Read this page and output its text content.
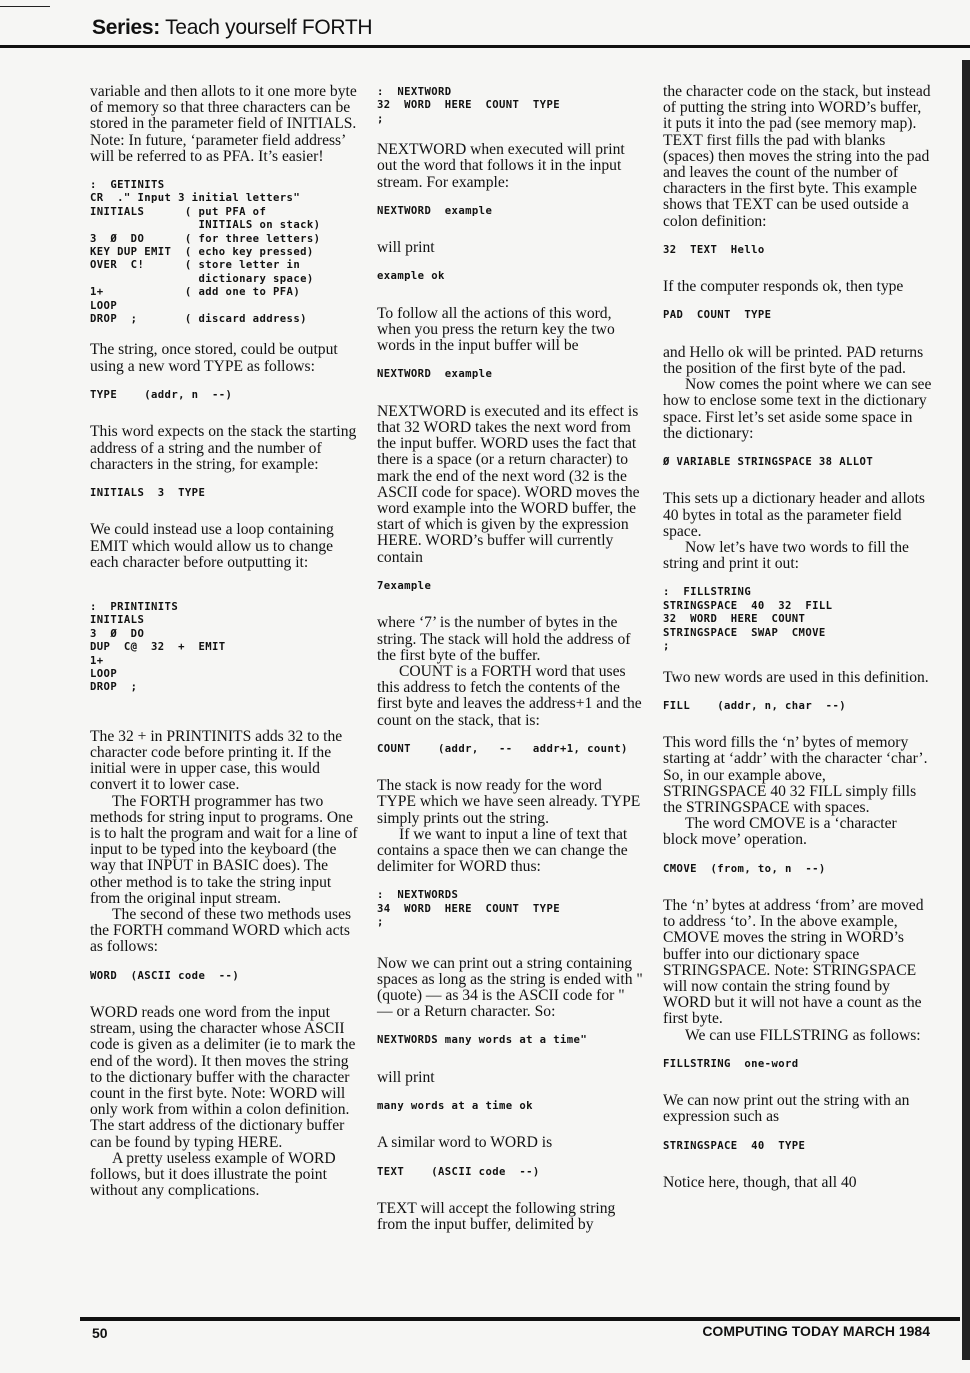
Series: Teach yourself FORTH

variable and then allots to it one more byte of memory so that three characters can be stored in the parameter field of INITIALS. Note: In future, ‘parameter field address’ will be referred to as PFA. It’s easier!

:  GETINITS
CR  ." Input 3 initial letters"
INITIALS      ( put PFA of
INITIALS on stack)
3  Ø  DO      ( for three letters)
KEY DUP EMIT  ( echo key pressed)
OVER  C!      ( store letter in
dictionary space)
1+            ( add one to PFA)
LOOP
DROP  ;       ( discard address)

The string, once stored, could be output using a new word TYPE as follows:

TYPE    (addr, n  --)

This word expects on the stack the starting address of a string and the number of characters in the string, for example:

INITIALS  3  TYPE

We could instead use a loop containing EMIT which would allow us to change each character before outputting it:

:  PRINTINITS
INITIALS
3  Ø  DO
DUP  C@  32  +  EMIT
1+
LOOP
DROP  ;

The 32 + in PRINTINITS adds 32 to the character code before printing it. If the initial were in upper case, this would convert it to lower case.

The FORTH programmer has two methods for string input to programs. One is to halt the program and wait for a line of input to be typed into the keyboard (the way that INPUT in BASIC does). The other method is to take the string input from the original input stream.

The second of these two methods uses the FORTH command WORD which acts as follows:

WORD  (ASCII code  --)

WORD reads one word from the input stream, using the character whose ASCII code is given as a delimiter (ie to mark the end of the word). It then moves the string to the dictionary buffer with the character count in the first byte. Note: WORD will only work from within a colon definition. The start address of the dictionary buffer can be found by typing HERE.

A pretty useless example of WORD follows, but it does illustrate the point without any complications.

:  NEXTWORD
32  WORD  HERE  COUNT  TYPE
;

NEXTWORD when executed will print out the word that follows it in the input stream. For example:

NEXTWORD  example

will print

example ok

To follow all the actions of this word, when you press the return key the two words in the input buffer will be

NEXTWORD  example

NEXTWORD is executed and its effect is that 32 WORD takes the next word from the input buffer. WORD uses the fact that there is a space (or a return character) to mark the end of the next word (32 is the ASCII code for space). WORD moves the word example into the WORD buffer, the start of which is given by the expression HERE. WORD’s buffer will currently contain

7example

where ‘7’ is the number of bytes in the string. The stack will hold the address of the first byte of the buffer.

COUNT is a FORTH word that uses this address to fetch the contents of the first byte and leaves the address+1 and the count on the stack, that is:

COUNT    (addr,   --   addr+1, count)

The stack is now ready for the word TYPE which we have seen already. TYPE simply prints out the string.

If we want to input a line of text that contains a space then we can change the delimiter for WORD thus:

:  NEXTWORDS
34  WORD  HERE  COUNT  TYPE
;

Now we can print out a string containing spaces as long as the string is ended with " (quote) — as 34 is the ASCII code for " — or a Return character. So:

NEXTWORDS many words at a time"

will print

many words at a time ok

A similar word to WORD is

TEXT    (ASCII code  --)

TEXT will accept the following string from the input buffer, delimited by

the character code on the stack, but instead of putting the string into WORD’s buffer, it puts it into the pad (see memory map). TEXT first fills the pad with blanks (spaces) then moves the string into the pad and leaves the count of the number of characters in the first byte. This example shows that TEXT can be used outside a colon definition:

32  TEXT  Hello

If the computer responds ok, then type

PAD  COUNT  TYPE

and Hello ok will be printed. PAD returns the position of the first byte of the pad.

Now comes the point where we can see how to enclose some text in the dictionary space. First let’s set aside some space in the dictionary:

Ø VARIABLE STRINGSPACE 38 ALLOT

This sets up a dictionary header and allots 40 bytes in total as the parameter field space.

Now let’s have two words to fill the string and print it out:

:  FILLSTRING
STRINGSPACE  40  32  FILL
32  WORD  HERE  COUNT
STRINGSPACE  SWAP  CMOVE
;

Two new words are used in this definition.

FILL    (addr, n, char  --)

This word fills the ‘n’ bytes of memory starting at ‘addr’ with the character ‘char’. So, in our example above, STRINGSPACE 40 32 FILL simply fills the STRINGSPACE with spaces.

The word CMOVE is a ‘character block move’ operation.

CMOVE  (from, to, n  --)

The ‘n’ bytes at address ‘from’ are moved to address ‘to’. In the above example, CMOVE moves the string in WORD’s buffer into our dictionary space STRINGSPACE. Note: STRINGSPACE will now contain the string found by WORD but it will not have a count as the first byte.

We can use FILLSTRING as follows:

FILLSTRING  one-word

We can now print out the string with an expression such as

STRINGSPACE  40  TYPE

Notice here, though, that all 40

50	COMPUTING TODAY MARCH 1984
